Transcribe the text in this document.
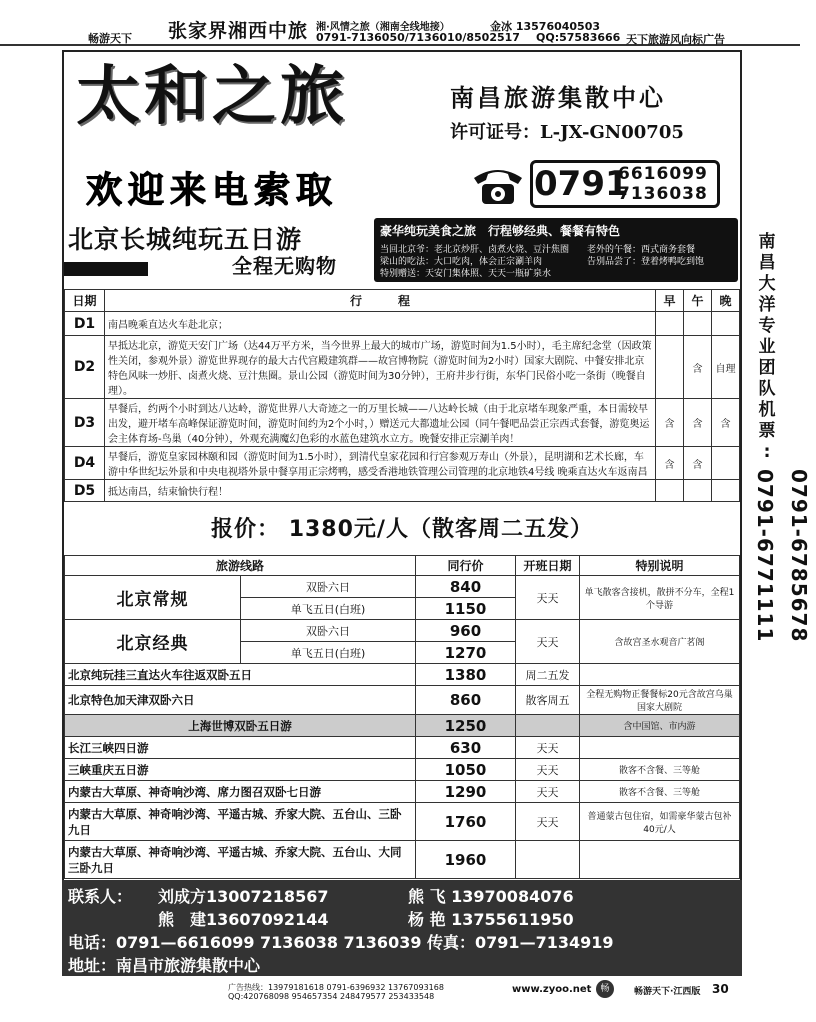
畅游天下 张家界湘西中旅 湘·风情之旅（湘南全线地接）
0791-7136050/7136010/8502517
金冰 13576040503
QQ:57583666 天下旅游风向标广告
太和之旅	南昌旅游集散中心
许可证号：L-JX-GN00705
欢迎来电索取	0791
6616099
7136038
北京长城纯玩五日游
全程无购物
豪华纯玩美食之旅　行程够经典、餐餐有特色
当回北京爷：老北京炒肝、卤煮火烧、豆汁焦圈　　老外的午餐：西式商务套餐
梁山的吃法：大口吃肉，体会正宗涮羊肉　　　　　告别品尝了：登着烤鸭吃到饱
特别赠送：天安门集体照、天天一瓶矿泉水
南
昌
大
洋
专
业
团
队
机
票
:
0791-6785678
0791-6771111
日期	行　　　程	早	午	晚
D1	南昌晚乘直达火车赴北京；			
D2	早抵达北京，游览天安门广场（达44万平方米，当今世界上最大的城市广场，游览时间为1.5小时），毛主席纪念堂（因政策性关闭，参观外景）游览世界现存的最大古代宫殿建筑群——故宫博物院（游览时间为2小时）国家大剧院、中餐安排北京特色风味一炒肝、卤煮火烧、豆汁焦圈。景山公园（游览时间为30分钟），王府井步行街，东华门民俗小吃一条街（晚餐自理）。		含	自理
D3	早餐后，约两个小时到达八达岭，游览世界八大奇迹之一的万里长城——八达岭长城（由于北京堵车现象严重，本日需较早出发，避开堵车高峰保证游览时间，游览时间约为2个小时，）赠送元大都遗址公园（同午餐吧品尝正宗西式套餐，游览奥运会主体育场-鸟巢（40分钟），外观充满魔幻色彩的水蓝色建筑水立方。晚餐安排正宗涮羊肉！	含	含	含
D4	早餐后，游览皇家园林颐和园（游览时间为1.5小时），到清代皇家花园和行宫参观万寿山（外景），昆明湖和艺术长廊，车游中华世纪坛外景和中央电视塔外景中餐享用正宗烤鸭，感受香港地铁管理公司管理的北京地铁4号线 晚乘直达火车返南昌	含	含	
D5	抵达南昌，结束愉快行程！			
报价： 1380元/人（散客周二五发）
旅游线路		同行价	开班日期	特别说明
北京常规	双卧六日	840	天天	单飞散客含接机，散拼不分车，全程1个导游
	单飞五日(白班)	1150		
北京经典	双卧六日	960	天天	含故宫圣水观音广茗阁
	单飞五日(白班)	1270		
北京纯玩挂三直达火车往返双卧五日		1380	周二五发	
北京特色加天津双卧六日		860	散客周五	全程无购物正餐餐标20元含故宫乌巢国家大剧院
上海世博双卧五日游		1250		含中国馆、市内游
长江三峡四日游		630	天天	
三峡重庆五日游		1050	天天	散客不含餐、三等舱
内蒙古大草原、神奇响沙湾、席力图召双卧七日游		1290	天天	散客不含餐、三等舱
内蒙古大草原、神奇响沙湾、平遥古城、乔家大院、五台山、三卧九日		1760	天天	普通蒙古包住宿，如需豪华蒙古包补40元/人
内蒙古大草原、神奇响沙湾、平遥古城、乔家大院、五台山、大同三卧九日		1960		
联系人： 刘成方13007218567	熊 飞 13970084076
熊　建13607092144	杨 艳 13755611950
电话：0791—6616099 7136038 7136039 传真：0791—7134919
地址：南昌市旅游集散中心
广告热线：13979181618 0791-6396932 13767093168
QQ:420768098 954657354 248479577 253433548
www.zyoo.net	畅	畅游天下·江西版 30
